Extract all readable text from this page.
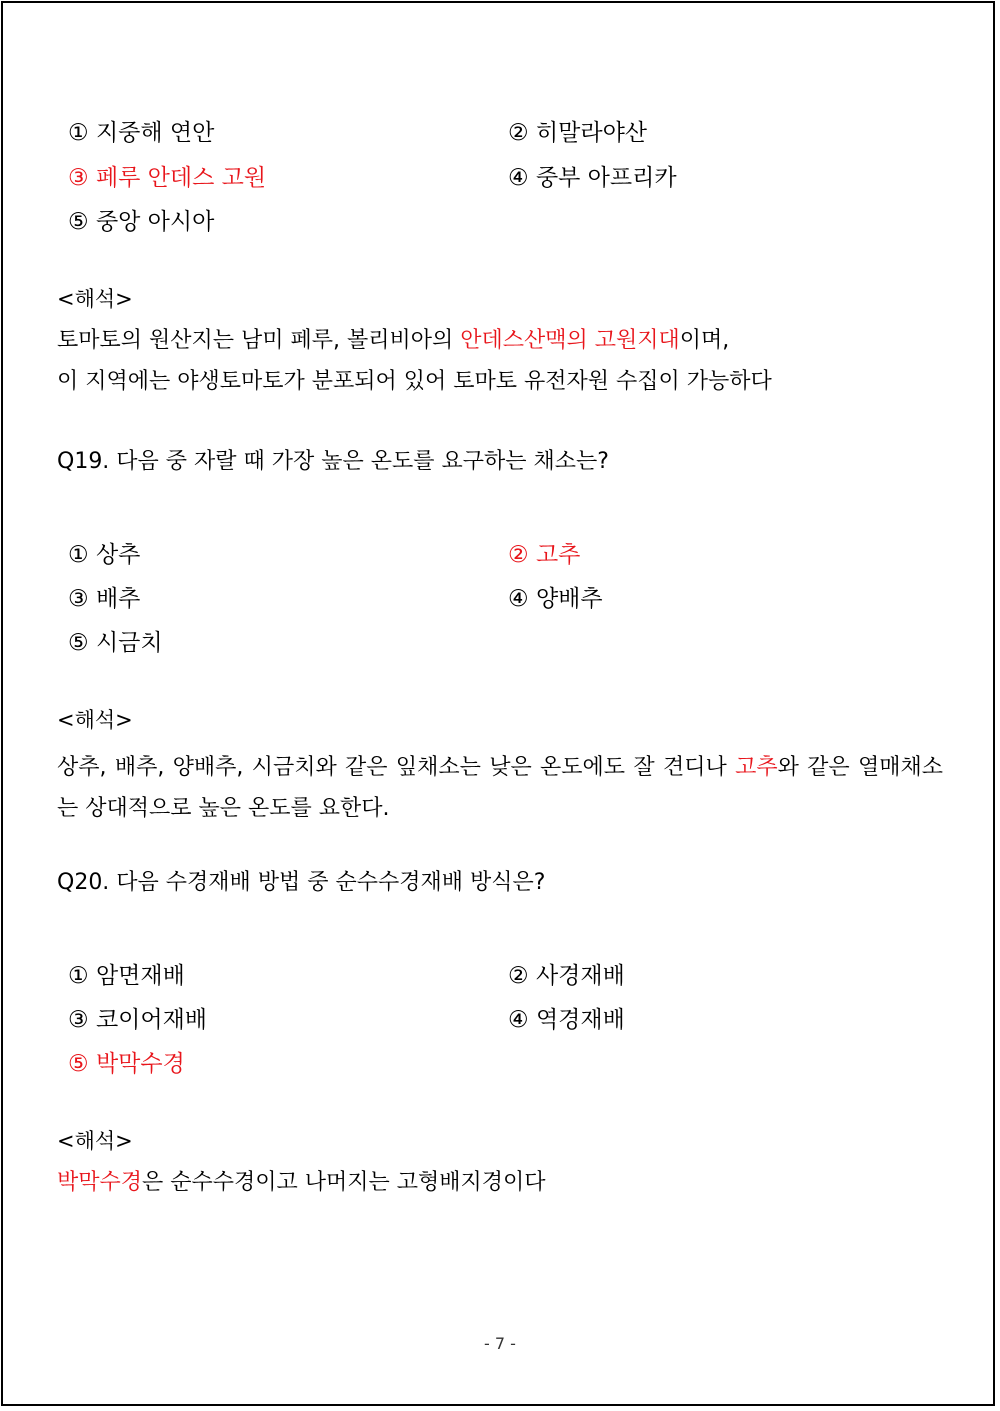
① 지중해 연안	② 히말라야산
③ 페루 안데스 고원	④ 중부 아프리카
⑤ 중앙 아시아
<해석>
토마토의 원산지는 남미 페루, 볼리비아의 안데스산맥의 고원지대이며,
이 지역에는 야생토마토가 분포되어 있어 토마토 유전자원 수집이 가능하다
Q19. 다음 중 자랄 때 가장 높은 온도를 요구하는 채소는?
① 상추	② 고추
③ 배추	④ 양배추
⑤ 시금치
<해석>
상추, 배추, 양배추, 시금치와 같은 잎채소는 낮은 온도에도 잘 견디나 고추와 같은 열매채소는 상대적으로 높은 온도를 요한다.
Q20. 다음 수경재배 방법 중 순수수경재배 방식은?
① 암면재배	② 사경재배
③ 코이어재배	④ 역경재배
⑤ 박막수경
<해석>
박막수경은 순수수경이고 나머지는 고형배지경이다
- 7 -
